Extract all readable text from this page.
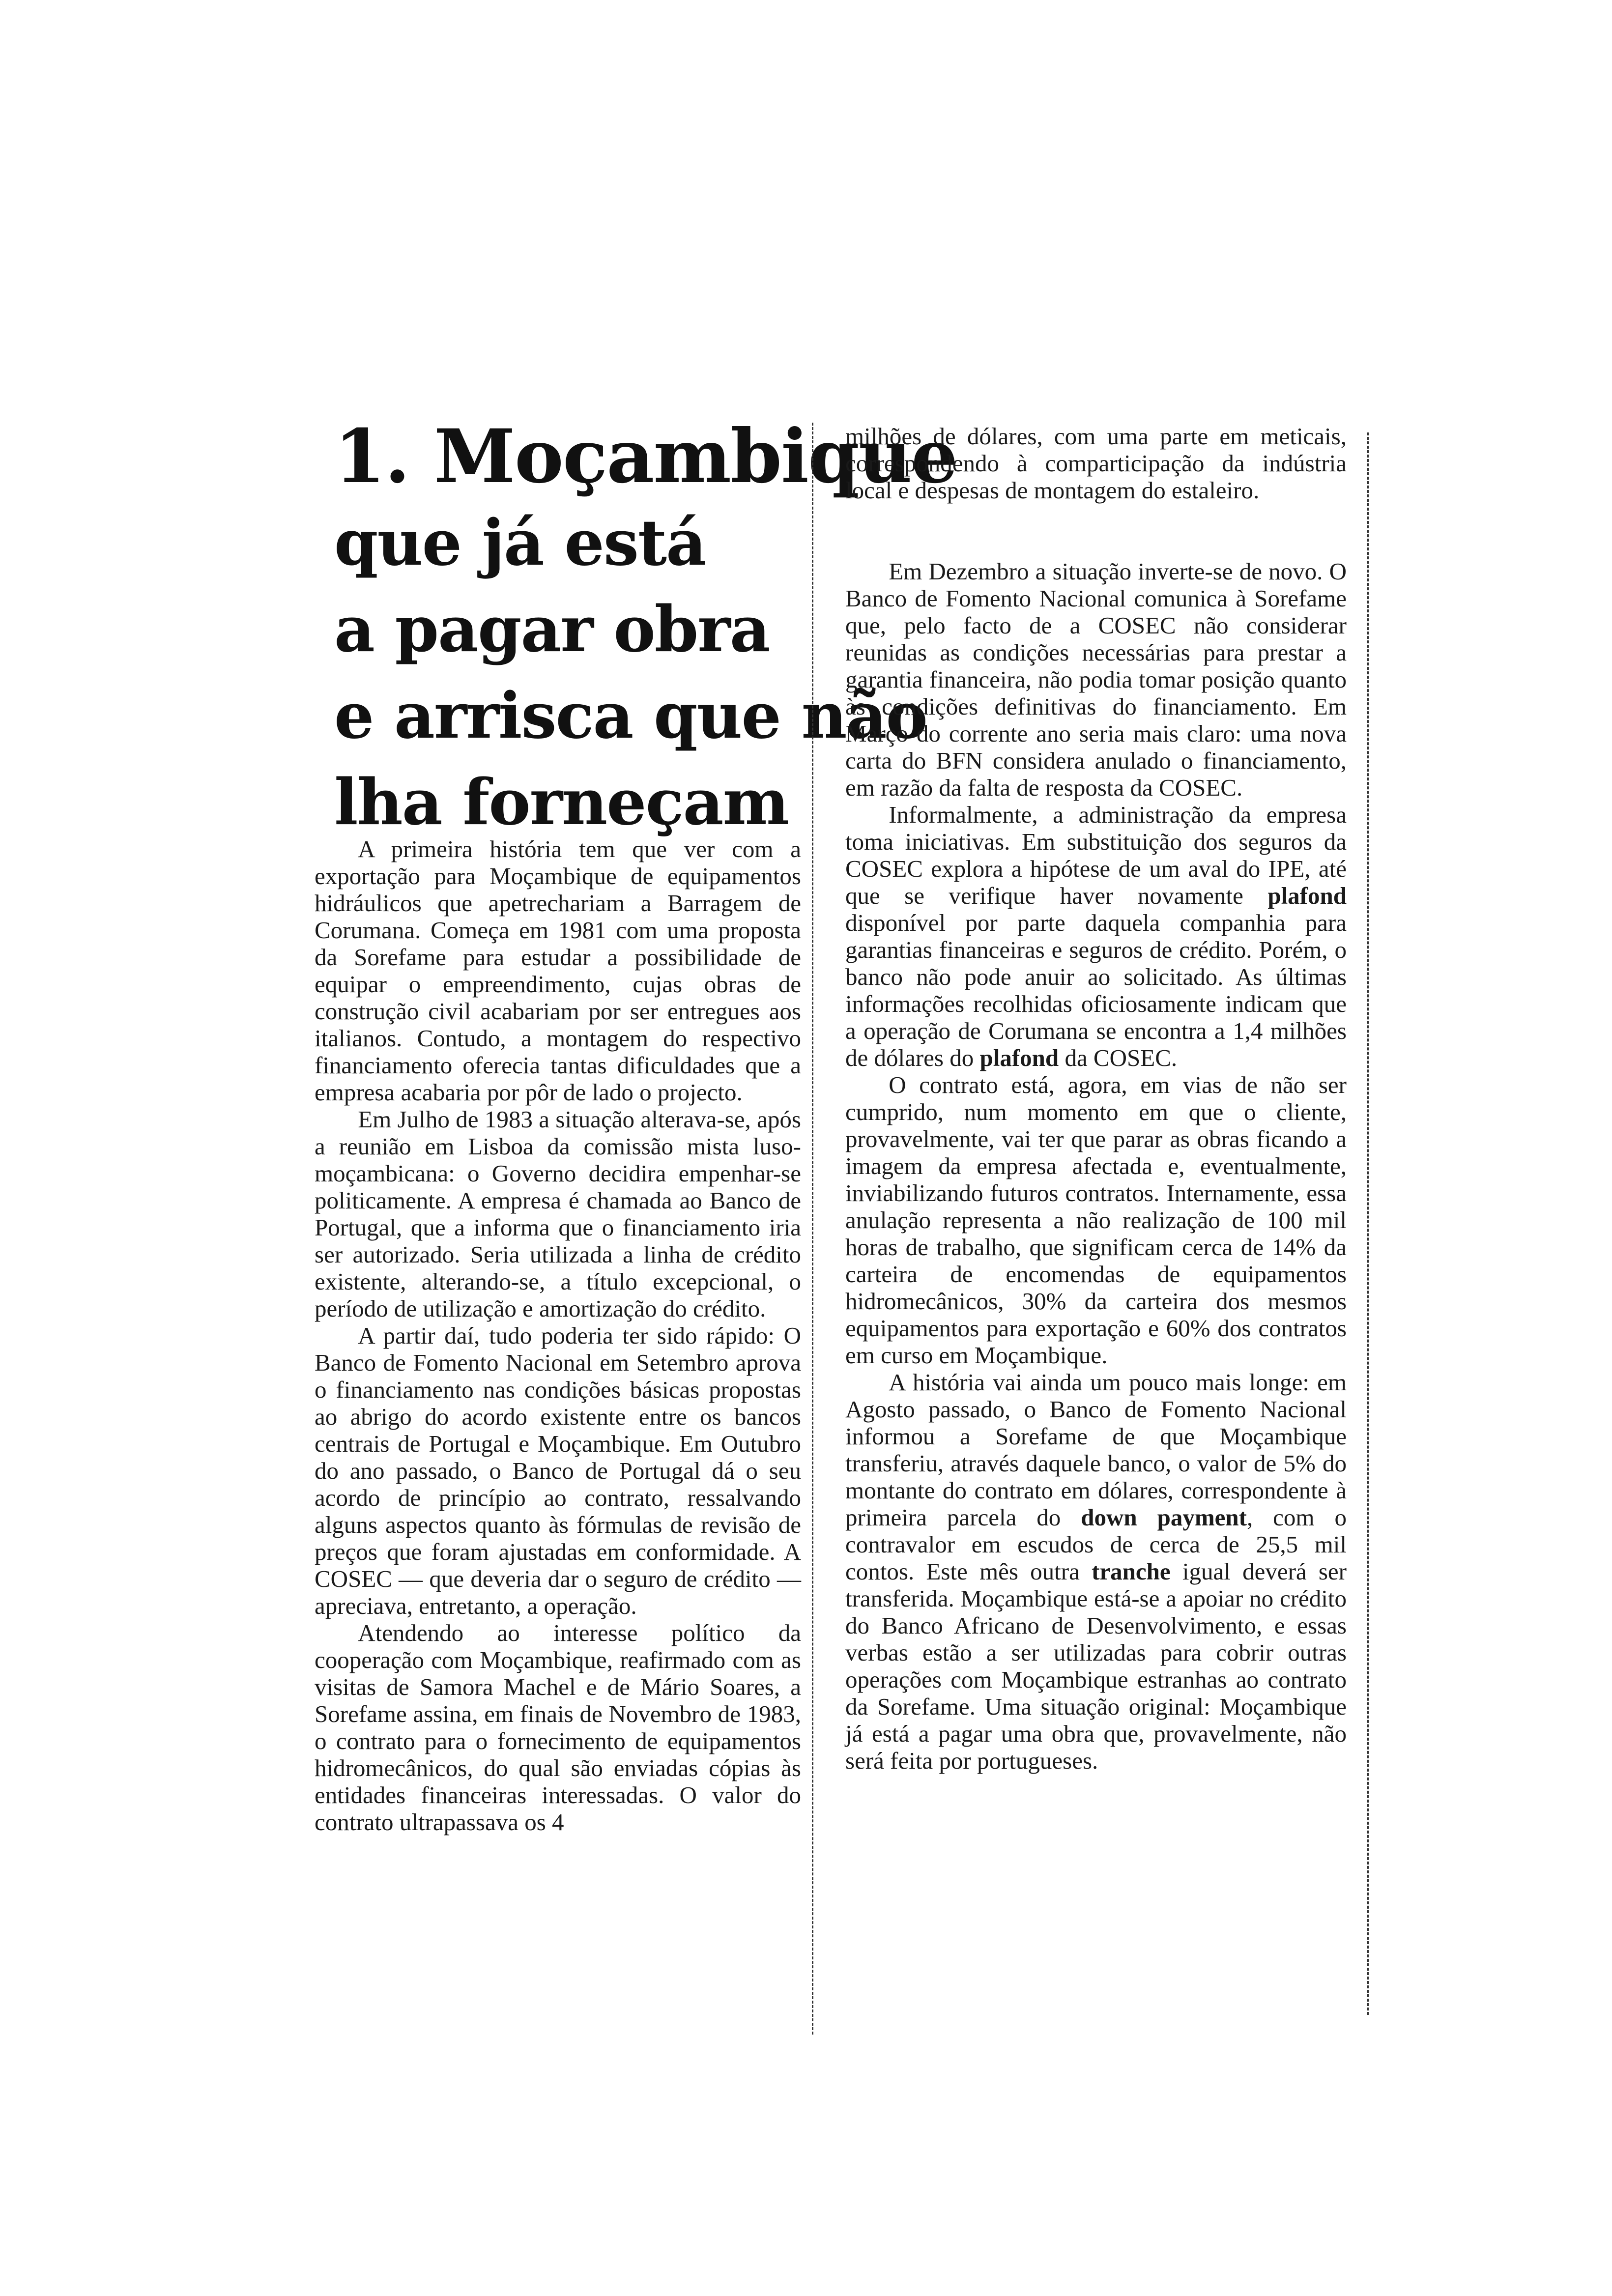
1. Moçambique
que já está
a pagar obra
e arrisca que não
lha forneçam

A primeira história tem que ver com a exportação para Moçambique de equipamentos hidráulicos que apetrechariam a Barragem de Corumana. Começa em 1981 com uma proposta da Sorefame para estudar a possibilidade de equipar o empreendimento, cujas obras de construção civil acabariam por ser entregues aos italianos. Contudo, a montagem do respectivo financiamento oferecia tantas dificuldades que a empresa acabaria por pôr de lado o projecto.

Em Julho de 1983 a situação alterava-se, após a reunião em Lisboa da comissão mista luso-moçambicana: o Governo decidira empenhar-se politicamente. A empresa é chamada ao Banco de Portugal, que a informa que o financiamento iria ser autorizado. Seria utilizada a linha de crédito existente, alterando-se, a título excepcional, o período de utilização e amortização do crédito.

A partir daí, tudo poderia ter sido rápido: O Banco de Fomento Nacional em Setembro aprova o financiamento nas condições básicas propostas ao abrigo do acordo existente entre os bancos centrais de Portugal e Moçambique. Em Outubro do ano passado, o Banco de Portugal dá o seu acordo de princípio ao contrato, ressalvando alguns aspectos quanto às fórmulas de revisão de preços que foram ajustadas em conformidade. A COSEC — que deveria dar o seguro de crédito — apreciava, entretanto, a operação.

Atendendo ao interesse político da cooperação com Moçambique, reafirmado com as visitas de Samora Machel e de Mário Soares, a Sorefame assina, em finais de Novembro de 1983, o contrato para o fornecimento de equipamentos hidromecânicos, do qual são enviadas cópias às entidades financeiras interessadas. O valor do contrato ultrapassava os 4

milhões de dólares, com uma parte em meticais, correspondendo à comparticipação da indústria local e despesas de montagem do estaleiro.

Em Dezembro a situação inverte-se de novo. O Banco de Fomento Nacional comunica à Sorefame que, pelo facto de a COSEC não considerar reunidas as condições necessárias para prestar a garantia financeira, não podia tomar posição quanto às condições definitivas do financiamento. Em Março do corrente ano seria mais claro: uma nova carta do BFN considera anulado o financiamento, em razão da falta de resposta da COSEC.

Informalmente, a administração da empresa toma iniciativas. Em substituição dos seguros da COSEC explora a hipótese de um aval do IPE, até que se verifique haver novamente plafond disponível por parte daquela companhia para garantias financeiras e seguros de crédito. Porém, o banco não pode anuir ao solicitado. As últimas informações recolhidas oficiosamente indicam que a operação de Corumana se encontra a 1,4 milhões de dólares do plafond da COSEC.

O contrato está, agora, em vias de não ser cumprido, num momento em que o cliente, provavelmente, vai ter que parar as obras ficando a imagem da empresa afectada e, eventualmente, inviabilizando futuros contratos. Internamente, essa anulação representa a não realização de 100 mil horas de trabalho, que significam cerca de 14% da carteira de encomendas de equipamentos hidromecânicos, 30% da carteira dos mesmos equipamentos para exportação e 60% dos contratos em curso em Moçambique.

A história vai ainda um pouco mais longe: em Agosto passado, o Banco de Fomento Nacional informou a Sorefame de que Moçambique transferiu, através daquele banco, o valor de 5% do montante do contrato em dólares, correspondente à primeira parcela do down payment, com o contravalor em escudos de cerca de 25,5 mil contos. Este mês outra tranche igual deverá ser transferida. Moçambique está-se a apoiar no crédito do Banco Africano de Desenvolvimento, e essas verbas estão a ser utilizadas para cobrir outras operações com Moçambique estranhas ao contrato da Sorefame. Uma situação original: Moçambique já está a pagar uma obra que, provavelmente, não será feita por portugueses.
